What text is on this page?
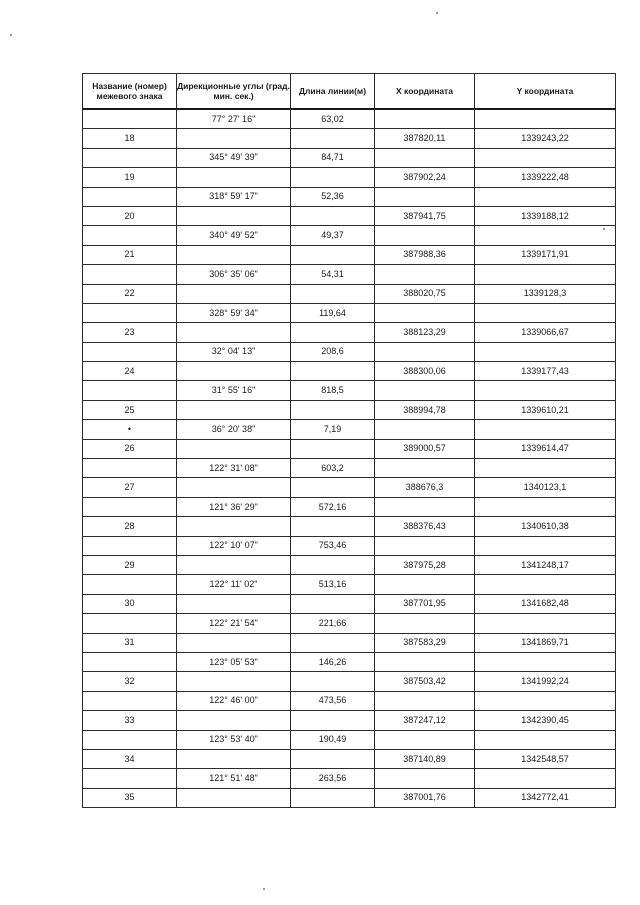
Название (номер) межевого знака	Дирекционные углы (град. мин. сек.)	Длина линии(м)	X координата	Y координата
	77° 27' 16"	63,02		
18			387820,11	1339243,22
	345° 49' 39"	84,71		
19			387902,24	1339222,48
	318° 59' 17"	52,36		
20			387941,75	1339188,12
	340° 49' 52"	49,37		
21			387988,36	1339171,91
	306° 35' 06"	54,31		
22			388020,75	1339128,3
	328° 59' 34"	119,64		
23			388123,29	1339066,67
	32° 04' 13"	208,6		
24			388300,06	1339177,43
	31° 55' 16"	818,5		
25			388994,78	1339610,21
•	36° 20' 38"	7,19		
26			389000,57	1339614,47
	122° 31' 08"	603,2		
27			388676,3	1340123,1
	121° 36' 29"	572,16		
28			388376,43	1340610,38
	122° 10' 07"	753,46		
29			387975,28	1341248,17
	122° 11' 02"	513,16		
30			387701,95	1341682,48
	122° 21' 54"	221,66		
31			387583,29	1341869,71
	123° 05' 53"	146,26		
32			387503,42	1341992,24
	122° 46' 00"	473,56		
33			387247,12	1342390,45
	123° 53' 40"	190,49		
34			387140,89	1342548,57
	121° 51' 48"	263,56		
35			387001,76	1342772,41
